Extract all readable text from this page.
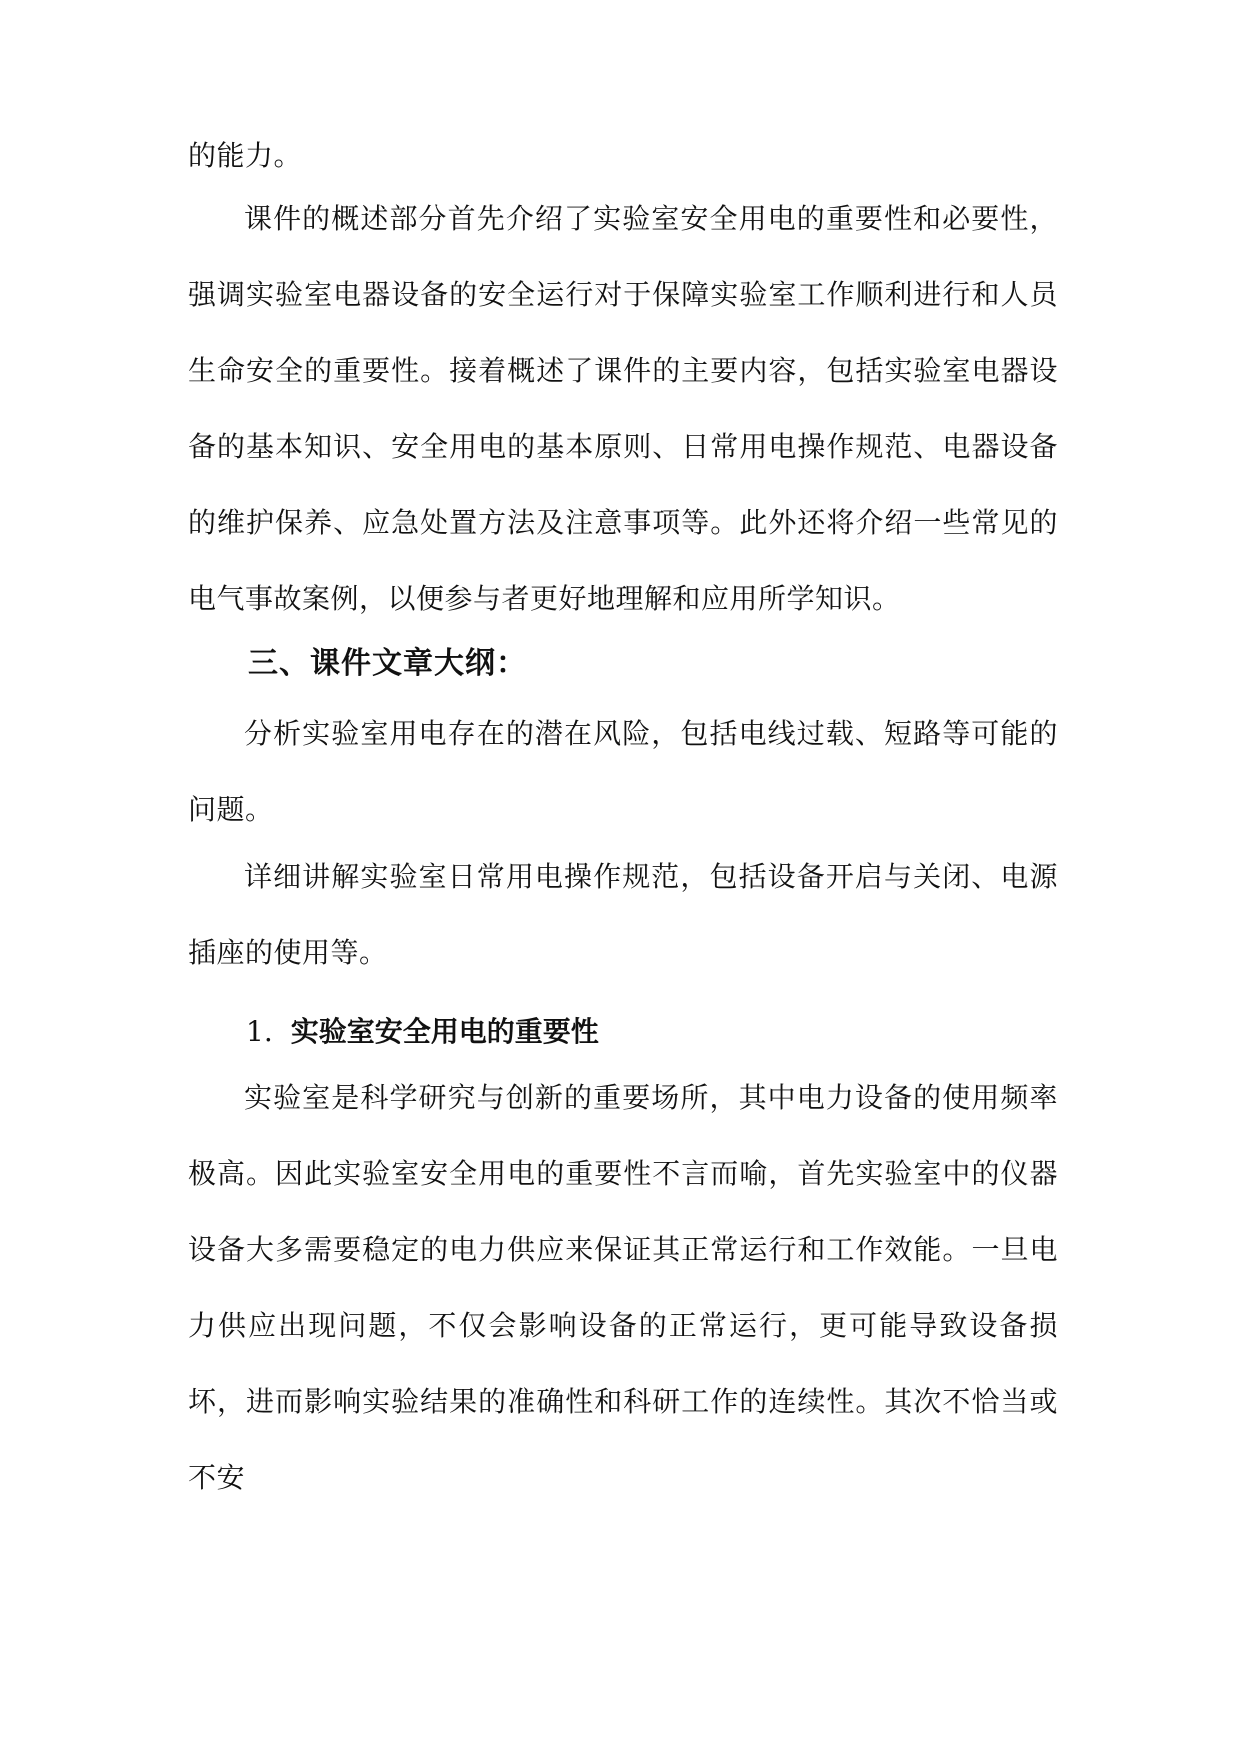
的能力。
课件的概述部分首先介绍了实验室安全用电的重要性和必要性，强调实验室电器设备的安全运行对于保障实验室工作顺利进行和人员生命安全的重要性。接着概述了课件的主要内容，包括实验室电器设备的基本知识、安全用电的基本原则、日常用电操作规范、电器设备的维护保养、应急处置方法及注意事项等。此外还将介绍一些常见的电气事故案例，以便参与者更好地理解和应用所学知识。
三、课件文章大纲：
分析实验室用电存在的潜在风险，包括电线过载、短路等可能的问题。
详细讲解实验室日常用电操作规范，包括设备开启与关闭、电源插座的使用等。
1. 实验室安全用电的重要性
实验室是科学研究与创新的重要场所，其中电力设备的使用频率极高。因此实验室安全用电的重要性不言而喻，首先实验室中的仪器设备大多需要稳定的电力供应来保证其正常运行和工作效能。一旦电力供应出现问题，不仅会影响设备的正常运行，更可能导致设备损坏，进而影响实验结果的准确性和科研工作的连续性。其次不恰当或不安
